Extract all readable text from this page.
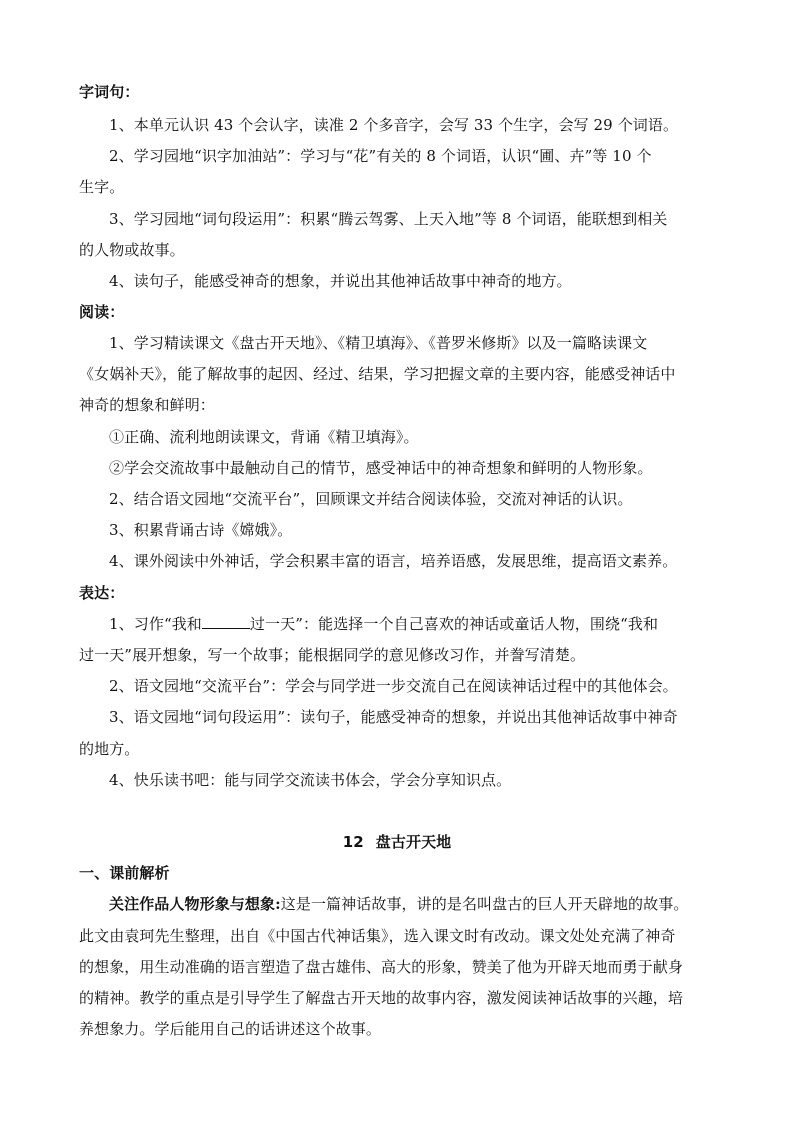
字词句：
1、本单元认识 43 个会认字，读准 2 个多音字，会写 33 个生字，会写 29 个词语。
2、学习园地“识字加油站”：学习与“花”有关的 8 个词语，认识“圃、卉”等 10 个
生字。
3、学习园地“词句段运用”：积累“腾云驾雾、上天入地”等 8 个词语，能联想到相关
的人物或故事。
4、读句子，能感受神奇的想象，并说出其他神话故事中神奇的地方。
阅读：
1、学习精读课文《盘古开天地》、《精卫填海》、《普罗米修斯》以及一篇略读课文
《女娲补天》，能了解故事的起因、经过、结果，学习把握文章的主要内容，能感受神话中
神奇的想象和鲜明：
①正确、流利地朗读课文，背诵《精卫填海》。
②学会交流故事中最触动自己的情节，感受神话中的神奇想象和鲜明的人物形象。
2、结合语文园地“交流平台”，回顾课文并结合阅读体验，交流对神话的认识。
3、积累背诵古诗《嫦娥》。
4、课外阅读中外神话，学会积累丰富的语言，培养语感，发展思维，提高语文素养。
表达：
1、习作“我和	过一天”：能选择一个自己喜欢的神话或童话人物，围绕“我和
过一天”展开想象，写一个故事；能根据同学的意见修改习作，并誊写清楚。
2、语文园地“交流平台”：学会与同学进一步交流自己在阅读神话过程中的其他体会。
3、语文园地“词句段运用”：读句子，能感受神奇的想象，并说出其他神话故事中神奇
的地方。
4、快乐读书吧：能与同学交流读书体会，学会分享知识点。
12 盘古开天地
一、课前解析
关注作品人物形象与想象:这是一篇神话故事，讲的是名叫盘古的巨人开天辟地的故事。
此文由袁珂先生整理，出自《中国古代神话集》，选入课文时有改动。课文处处充满了神奇
的想象，用生动准确的语言塑造了盘古雄伟、高大的形象，赞美了他为开辟天地而勇于献身
的精神。教学的重点是引导学生了解盘古开天地的故事内容，激发阅读神话故事的兴趣，培
养想象力。学后能用自己的话讲述这个故事。
